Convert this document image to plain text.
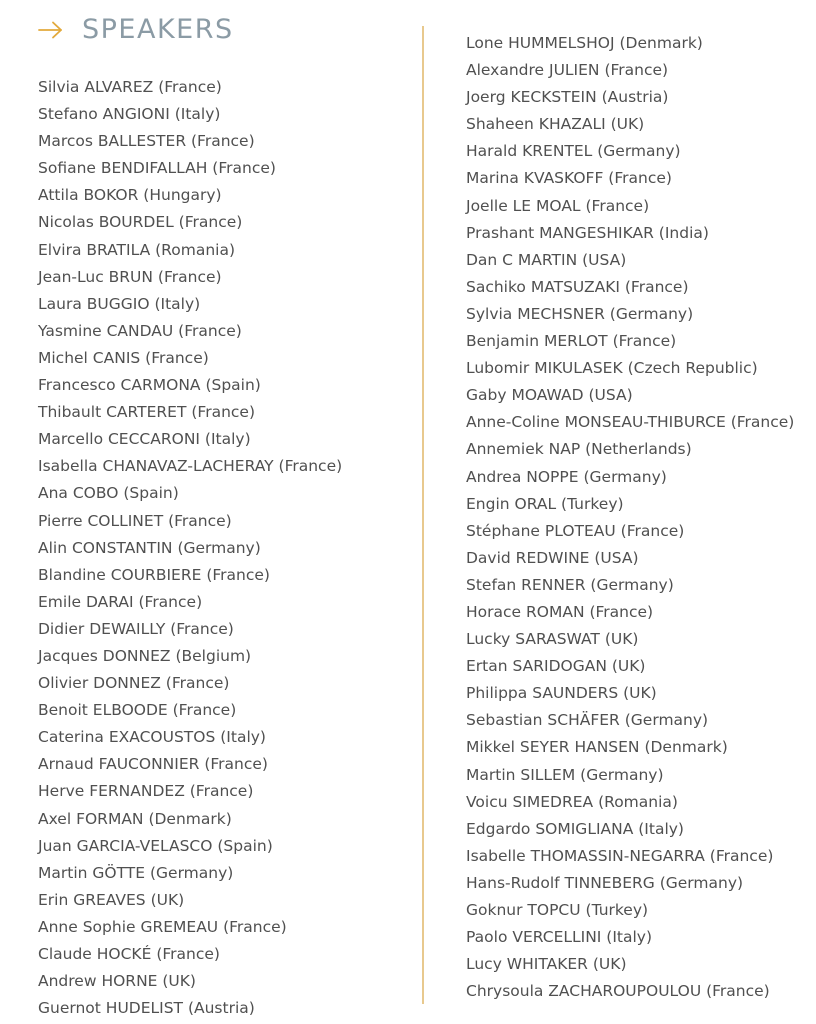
SPEAKERS
Silvia ALVAREZ (France)
Stefano ANGIONI (Italy)
Marcos BALLESTER (France)
Sofiane BENDIFALLAH (France)
Attila BOKOR (Hungary)
Nicolas BOURDEL (France)
Elvira BRATILA (Romania)
Jean-Luc BRUN (France)
Laura BUGGIO (Italy)
Yasmine CANDAU (France)
Michel CANIS (France)
Francesco CARMONA (Spain)
Thibault CARTERET (France)
Marcello CECCARONI (Italy)
Isabella CHANAVAZ-LACHERAY (France)
Ana COBO (Spain)
Pierre COLLINET (France)
Alin CONSTANTIN (Germany)
Blandine COURBIERE (France)
Emile DARAI (France)
Didier DEWAILLY (France)
Jacques DONNEZ (Belgium)
Olivier DONNEZ (France)
Benoit ELBOODE (France)
Caterina EXACOUSTOS (Italy)
Arnaud FAUCONNIER (France)
Herve FERNANDEZ (France)
Axel FORMAN (Denmark)
Juan GARCIA-VELASCO (Spain)
Martin GÖTTE (Germany)
Erin GREAVES (UK)
Anne Sophie GREMEAU (France)
Claude HOCKÉ (France)
Andrew HORNE (UK)
Guernot HUDELIST (Austria)
Lone HUMMELSHOJ (Denmark)
Alexandre JULIEN (France)
Joerg KECKSTEIN (Austria)
Shaheen KHAZALI (UK)
Harald KRENTEL (Germany)
Marina KVASKOFF (France)
Joelle LE MOAL (France)
Prashant MANGESHIKAR (India)
Dan C MARTIN (USA)
Sachiko MATSUZAKI (France)
Sylvia MECHSNER (Germany)
Benjamin MERLOT (France)
Lubomir MIKULASEK (Czech Republic)
Gaby MOAWAD (USA)
Anne-Coline MONSEAU-THIBURCE (France)
Annemiek NAP (Netherlands)
Andrea NOPPE (Germany)
Engin ORAL (Turkey)
Stéphane PLOTEAU (France)
David REDWINE (USA)
Stefan RENNER (Germany)
Horace ROMAN (France)
Lucky SARASWAT (UK)
Ertan SARIDOGAN (UK)
Philippa SAUNDERS (UK)
Sebastian SCHÄFER (Germany)
Mikkel SEYER HANSEN (Denmark)
Martin SILLEM (Germany)
Voicu SIMEDREA (Romania)
Edgardo SOMIGLIANA (Italy)
Isabelle THOMASSIN-NEGARRA (France)
Hans-Rudolf TINNEBERG (Germany)
Goknur TOPCU (Turkey)
Paolo VERCELLINI (Italy)
Lucy WHITAKER (UK)
Chrysoula ZACHAROUPOULOU (France)
